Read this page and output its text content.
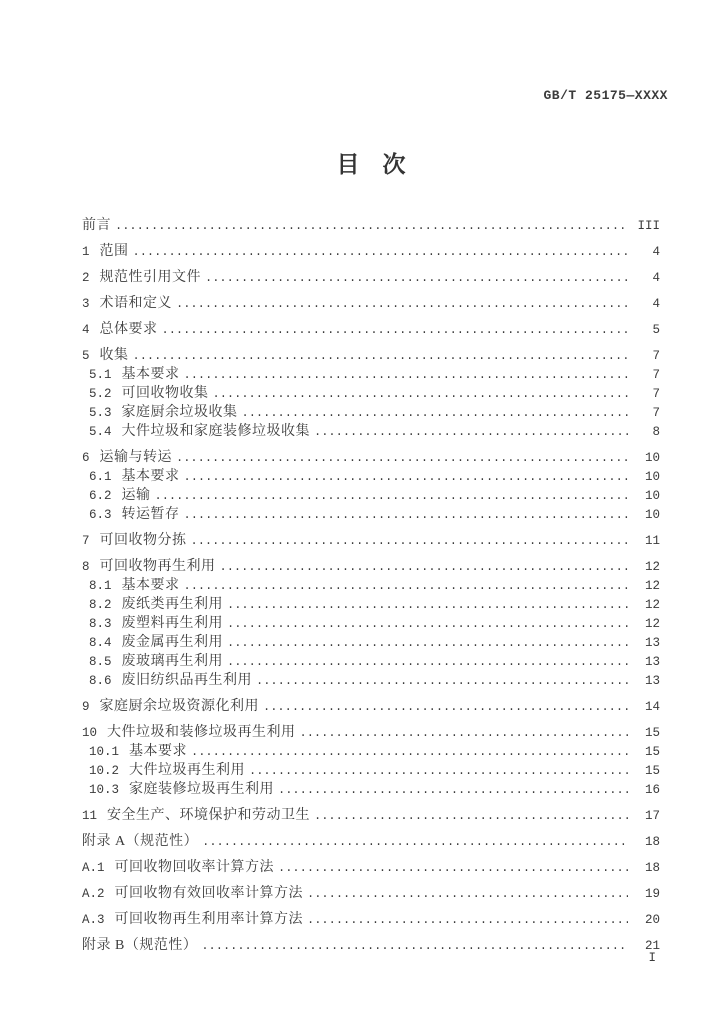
GB/T 25175—XXXX
目　次
前言 .....	III
1 范围 .....	4
2 规范性引用文件 .....	4
3 术语和定义 .....	4
4 总体要求 .....	5
5 收集 .....	7
5.1 基本要求 .....	7
5.2 可回收物收集 .....	7
5.3 家庭厨余垃圾收集 .....	7
5.4 大件垃圾和家庭装修垃圾收集 .....	8
6 运输与转运 .....	10
6.1 基本要求 .....	10
6.2 运输 .....	10
6.3 转运暂存 .....	10
7 可回收物分拣 .....	11
8 可回收物再生利用 .....	12
8.1 基本要求 .....	12
8.2 废纸类再生利用 .....	12
8.3 废塑料再生利用 .....	12
8.4 废金属再生利用 .....	13
8.5 废玻璃再生利用 .....	13
8.6 废旧纺织品再生利用 .....	13
9 家庭厨余垃圾资源化利用 .....	14
10 大件垃圾和装修垃圾再生利用 .....	15
10.1 基本要求 .....	15
10.2 大件垃圾再生利用 .....	15
10.3 家庭装修垃圾再生利用 .....	16
11 安全生产、环境保护和劳动卫生 .....	17
附录 A（规范性） .....	18
A.1 可回收物回收率计算方法 .....	18
A.2 可回收物有效回收率计算方法 .....	19
A.3 可回收物再生利用率计算方法 .....	20
附录 B（规范性） .....	21
I
